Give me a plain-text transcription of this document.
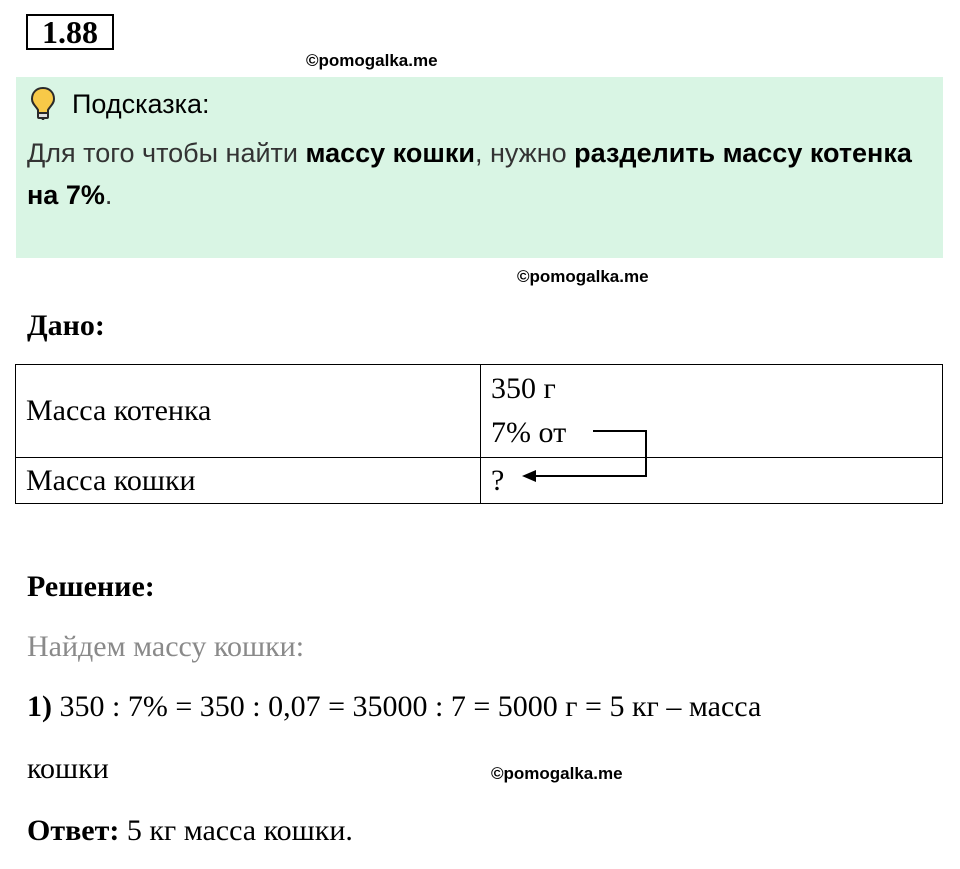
1.88
©pomogalka.me
Подсказка:
Для того чтобы найти массу кошки, нужно разделить массу котенка на 7%.
©pomogalka.me
Дано:
Масса котенка	350 г
7% от

Масса кошки	?
Решение:
Найдем массу кошки:
1) 350 : 7% = 350 : 0,07 = 35000 : 7 = 5000 г = 5 кг – масса
кошки	©pomogalka.me
Ответ: 5 кг масса кошки.
